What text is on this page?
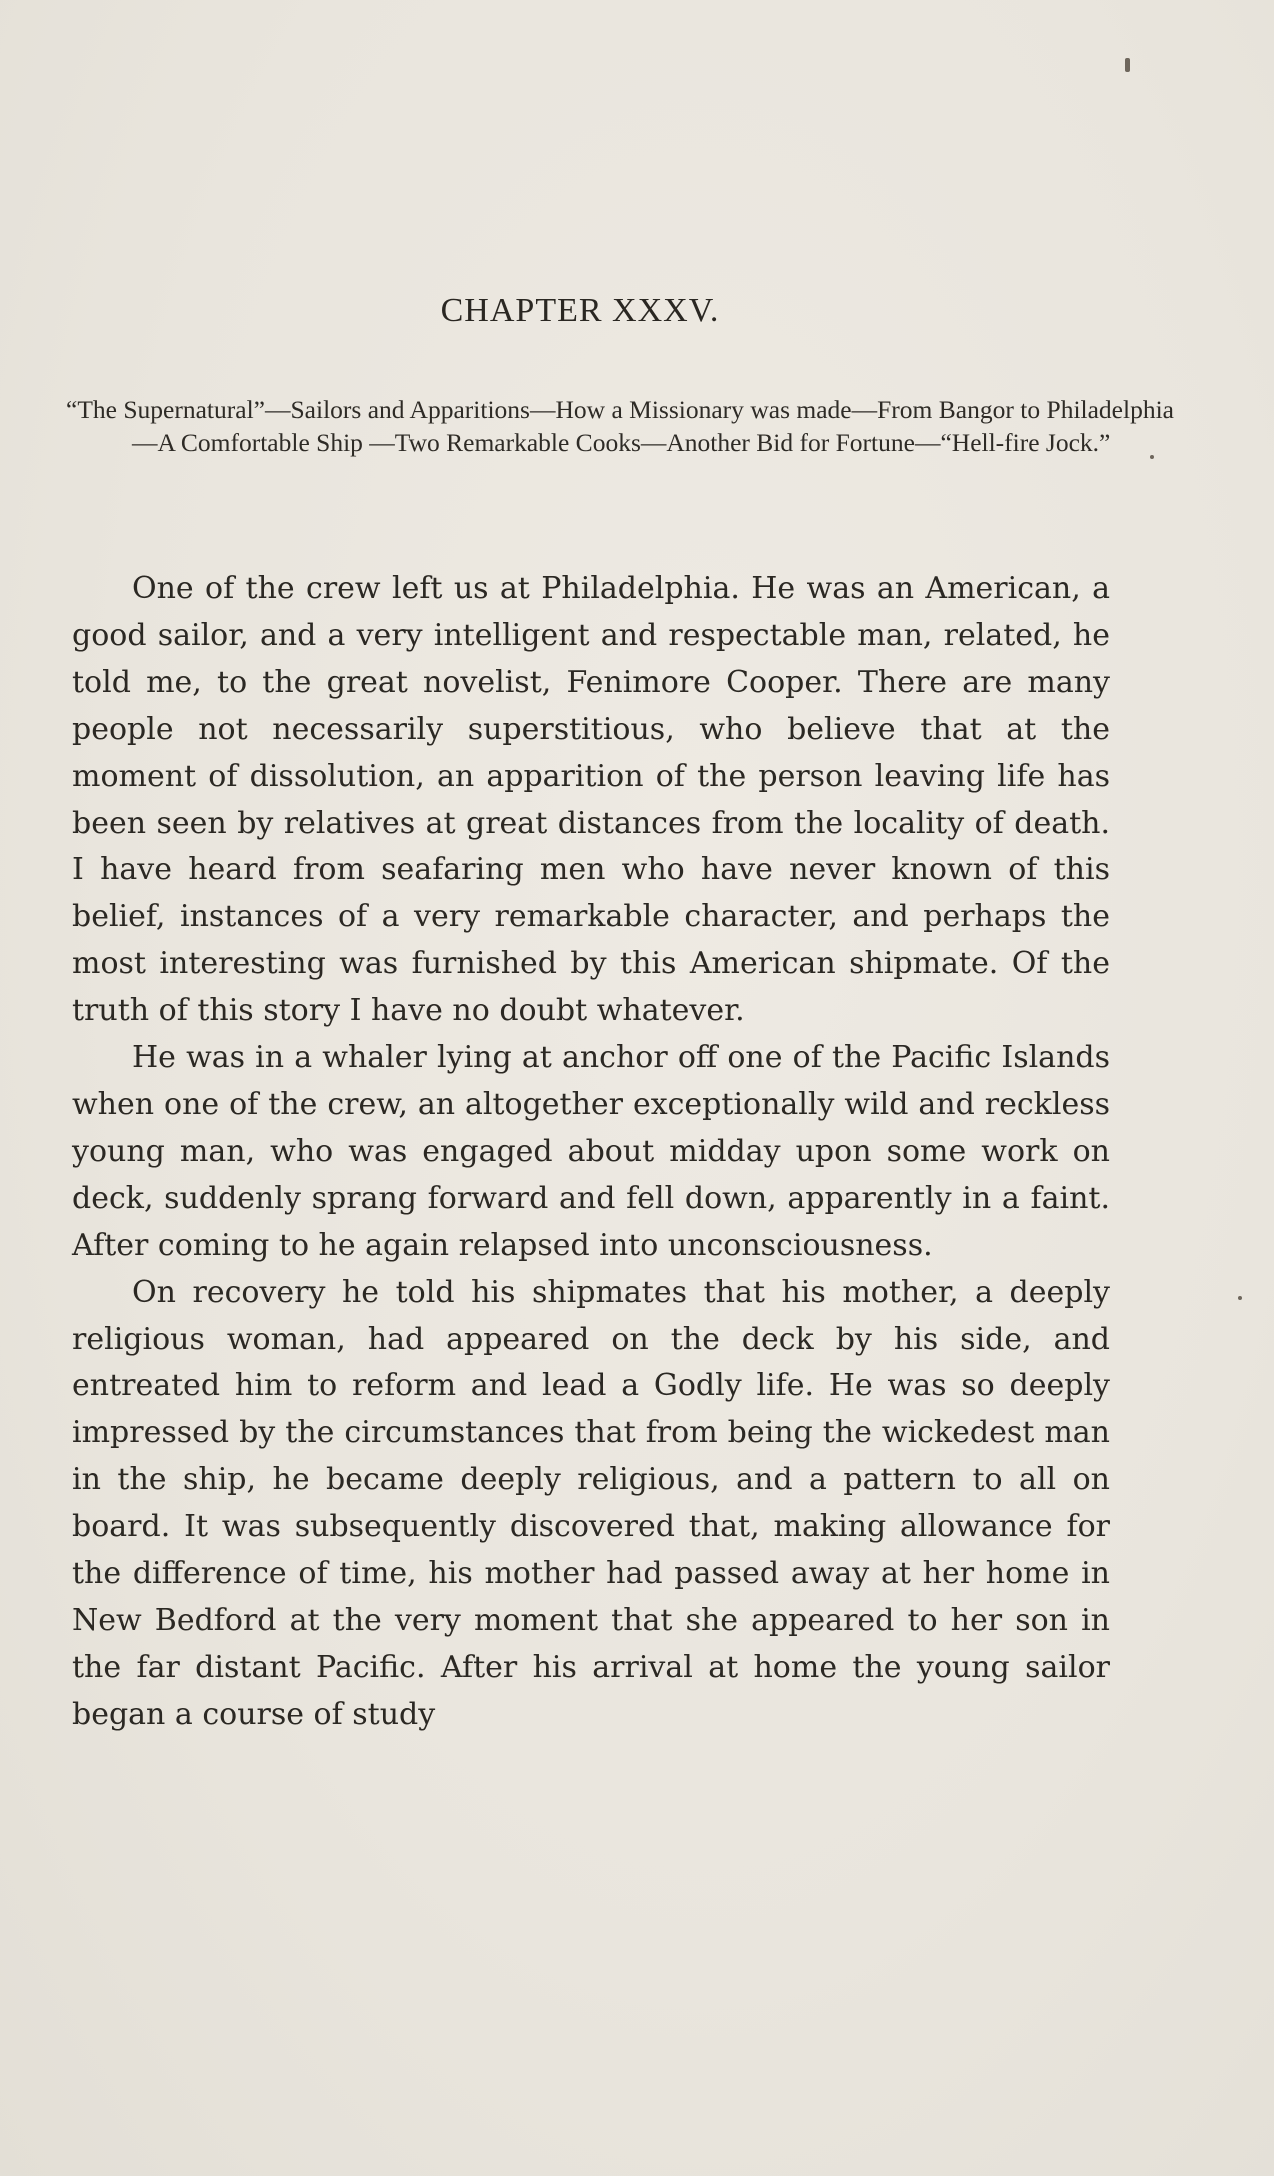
CHAPTER XXXV.
“The Supernatural”—Sailors and Apparitions—How a Missionary was made—From Bangor to Philadelphia—A Comfortable Ship —Two Remarkable Cooks—Another Bid for Fortune—“Hell-fire Jock.”

One of the crew left us at Philadelphia. He was an American, a good sailor, and a very intelligent and respectable man, related, he told me, to the great novelist, Fenimore Cooper. There are many people not necessarily superstitious, who believe that at the moment of dissolution, an apparition of the person leaving life has been seen by relatives at great distances from the locality of death. I have heard from seafaring men who have never known of this belief, instances of a very remarkable character, and perhaps the most interesting was furnished by this American shipmate. Of the truth of this story I have no doubt whatever.

He was in a whaler lying at anchor off one of the Pacific Islands when one of the crew, an altogether exceptionally wild and reckless young man, who was engaged about midday upon some work on deck, suddenly sprang forward and fell down, apparently in a faint. After coming to he again relapsed into unconsciousness.

On recovery he told his shipmates that his mother, a deeply religious woman, had appeared on the deck by his side, and entreated him to reform and lead a Godly life. He was so deeply impressed by the circumstances that from being the wickedest man in the ship, he became deeply religious, and a pattern to all on board. It was subsequently discovered that, making allowance for the difference of time, his mother had passed away at her home in New Bedford at the very moment that she appeared to her son in the far distant Pacific. After his arrival at home the young sailor began a course of study
